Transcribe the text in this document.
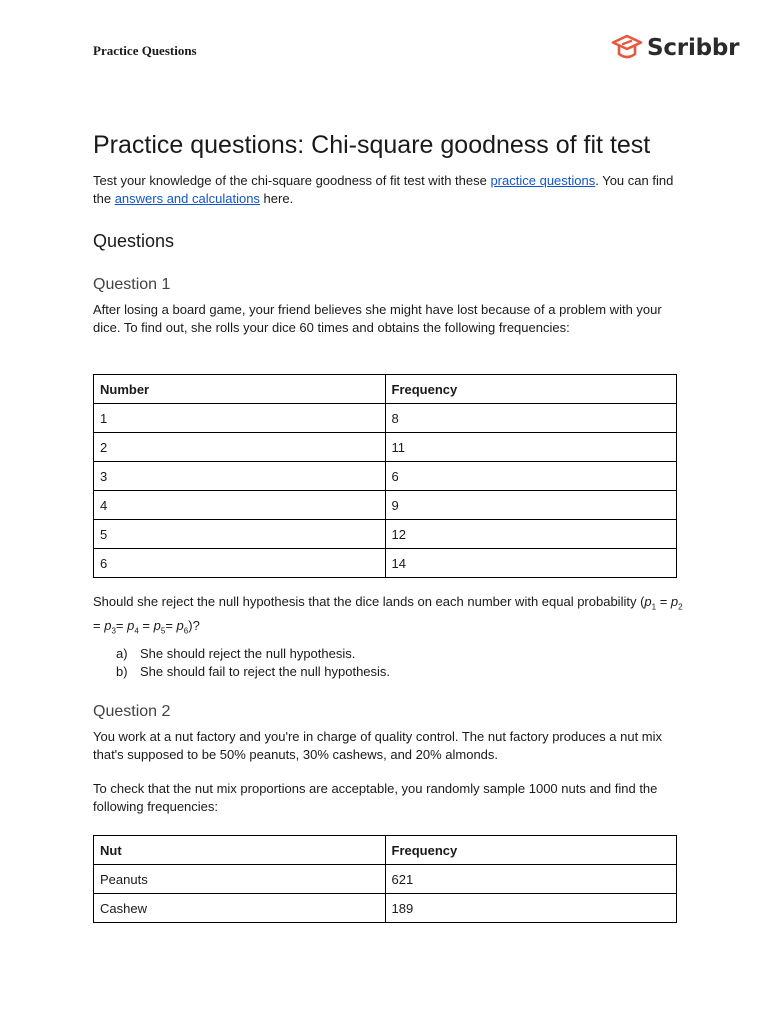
Practice Questions	Scribbr
Practice questions: Chi-square goodness of fit test

Test your knowledge of the chi-square goodness of fit test with these practice questions. You can find the answers and calculations here.

Questions
Question 1

After losing a board game, your friend believes she might have lost because of a problem with your dice. To find out, she rolls your dice 60 times and obtains the following frequencies:

Number	Frequency
1	8
2	11
3	6
4	9
5	12
6	14

Should she reject the null hypothesis that the dice lands on each number with equal probability $(p_1 = p_2 = p_3= p_4 = p_5= p_6)$?

a) She should reject the null hypothesis.
b) She should fail to reject the null hypothesis.
Question 2

You work at a nut factory and you're in charge of quality control. The nut factory produces a nut mix that's supposed to be 50% peanuts, 30% cashews, and 20% almonds.

To check that the nut mix proportions are acceptable, you randomly sample 1000 nuts and find the following frequencies:

Nut	Frequency
Peanuts	621
Cashew	189
